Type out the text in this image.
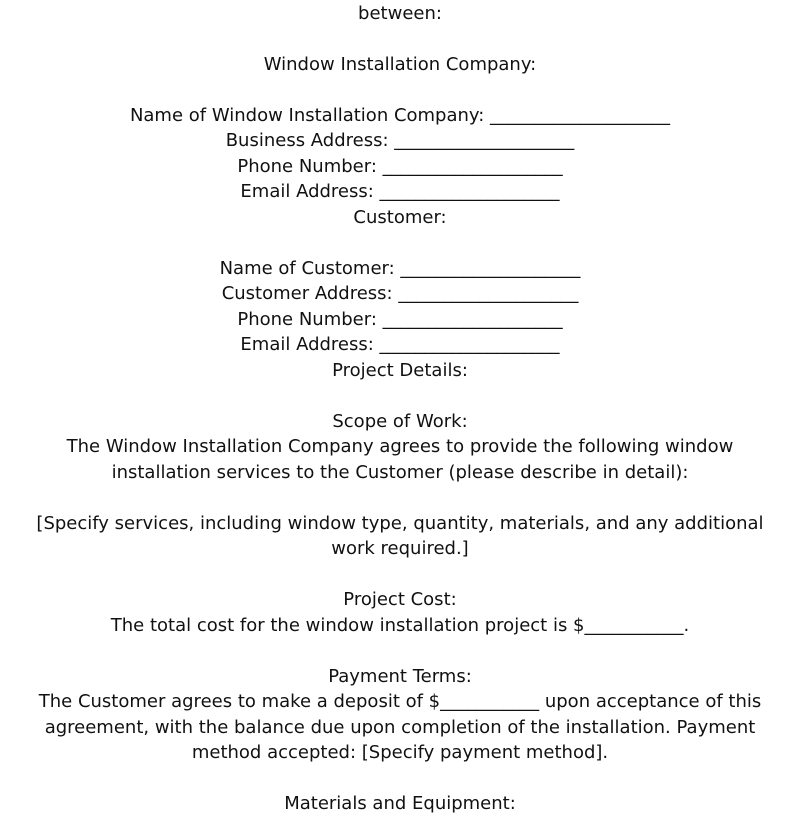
between:
Window Installation Company:
Name of Window Installation Company: ____________________
Business Address: ____________________
Phone Number: ____________________
Email Address: ____________________
Customer:
Name of Customer: ____________________
Customer Address: ____________________
Phone Number: ____________________
Email Address: ____________________
Project Details:
Scope of Work:
The Window Installation Company agrees to provide the following window
installation services to the Customer (please describe in detail):
[Specify services, including window type, quantity, materials, and any additional
work required.]
Project Cost:
The total cost for the window installation project is $___________.
Payment Terms:
The Customer agrees to make a deposit of $___________ upon acceptance of this
agreement, with the balance due upon completion of the installation. Payment
method accepted: [Specify payment method].
Materials and Equipment:
